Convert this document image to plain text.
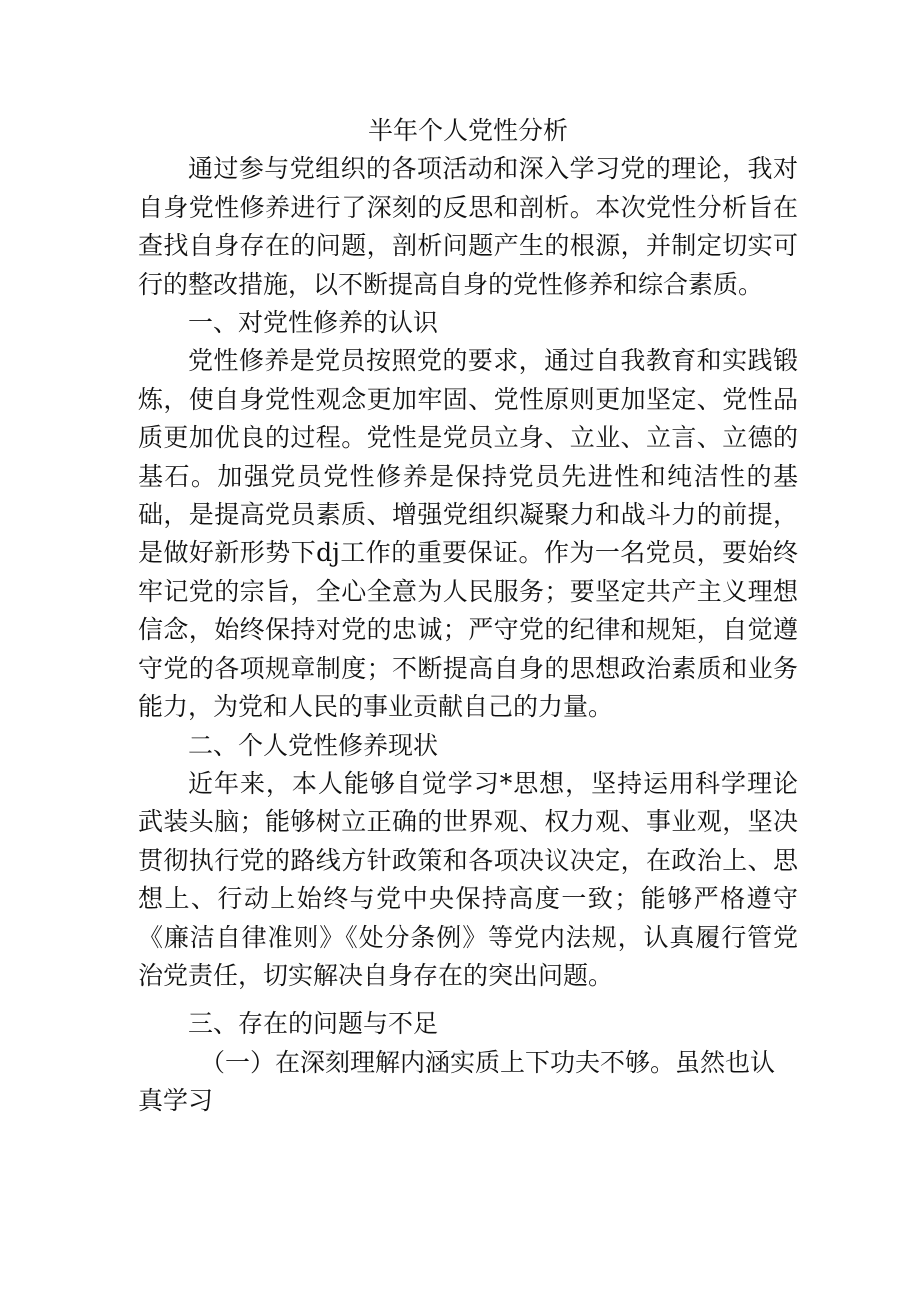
半年个人党性分析

通过参与党组织的各项活动和深入学习党的理论，我对自身党性修养进行了深刻的反思和剖析。本次党性分析旨在查找自身存在的问题，剖析问题产生的根源，并制定切实可行的整改措施，以不断提高自身的党性修养和综合素质。

一、对党性修养的认识

党性修养是党员按照党的要求，通过自我教育和实践锻炼，使自身党性观念更加牢固、党性原则更加坚定、党性品质更加优良的过程。党性是党员立身、立业、立言、立德的基石。加强党员党性修养是保持党员先进性和纯洁性的基础，是提高党员素质、增强党组织凝聚力和战斗力的前提，是做好新形势下dj工作的重要保证。作为一名党员，要始终牢记党的宗旨，全心全意为人民服务；要坚定共产主义理想信念，始终保持对党的忠诚；严守党的纪律和规矩，自觉遵守党的各项规章制度；不断提高自身的思想政治素质和业务能力，为党和人民的事业贡献自己的力量。

二、个人党性修养现状

近年来，本人能够自觉学习*思想，坚持运用科学理论武装头脑；能够树立正确的世界观、权力观、事业观，坚决贯彻执行党的路线方针政策和各项决议决定，在政治上、思想上、行动上始终与党中央保持高度一致；能够严格遵守《廉洁自律准则》《处分条例》等党内法规，认真履行管党治党责任，切实解决自身存在的突出问题。

三、存在的问题与不足

（一）在深刻理解内涵实质上下功夫不够。虽然也认真学习
